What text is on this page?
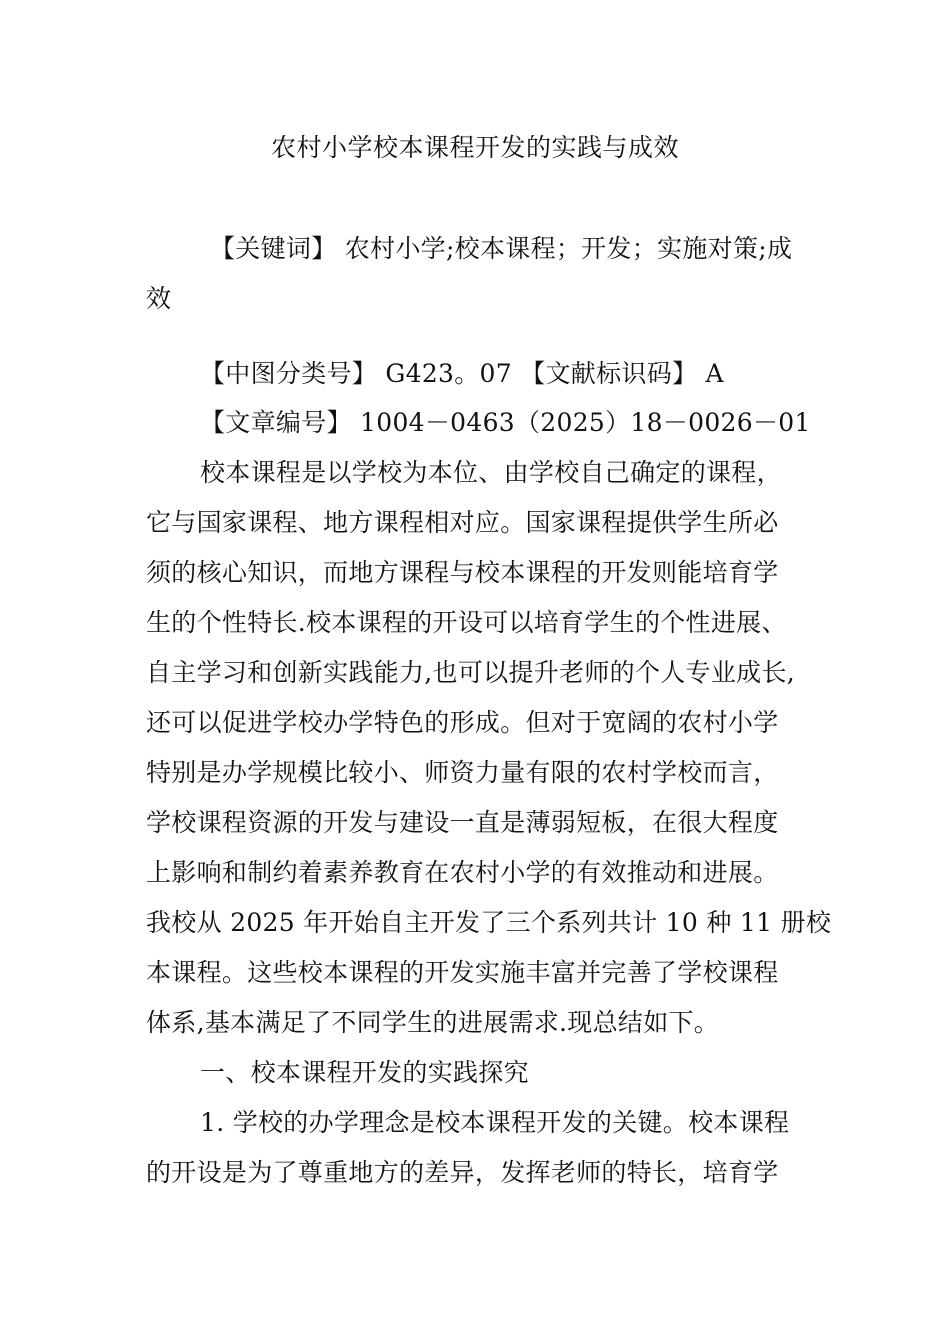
农村小学校本课程开发的实践与成效
【关键词】 农村小学;校本课程；开发；实施对策;成
效
【中图分类号】 G423。07 【文献标识码】 A
【文章编号】 1004－0463（2025）18－0026－01
校本课程是以学校为本位、由学校自己确定的课程，
它与国家课程、地方课程相对应。国家课程提供学生所必
须的核心知识，而地方课程与校本课程的开发则能培育学
生的个性特长.校本课程的开设可以培育学生的个性进展、
自主学习和创新实践能力,也可以提升老师的个人专业成长,
还可以促进学校办学特色的形成。但对于宽阔的农村小学
特别是办学规模比较小、师资力量有限的农村学校而言，
学校课程资源的开发与建设一直是薄弱短板，在很大程度
上影响和制约着素养教育在农村小学的有效推动和进展。
我校从 2025 年开始自主开发了三个系列共计 10 种 11 册校
本课程。这些校本课程的开发实施丰富并完善了学校课程
体系,基本满足了不同学生的进展需求.现总结如下。
一、校本课程开发的实践探究
1. 学校的办学理念是校本课程开发的关键。校本课程
的开设是为了尊重地方的差异，发挥老师的特长，培育学
